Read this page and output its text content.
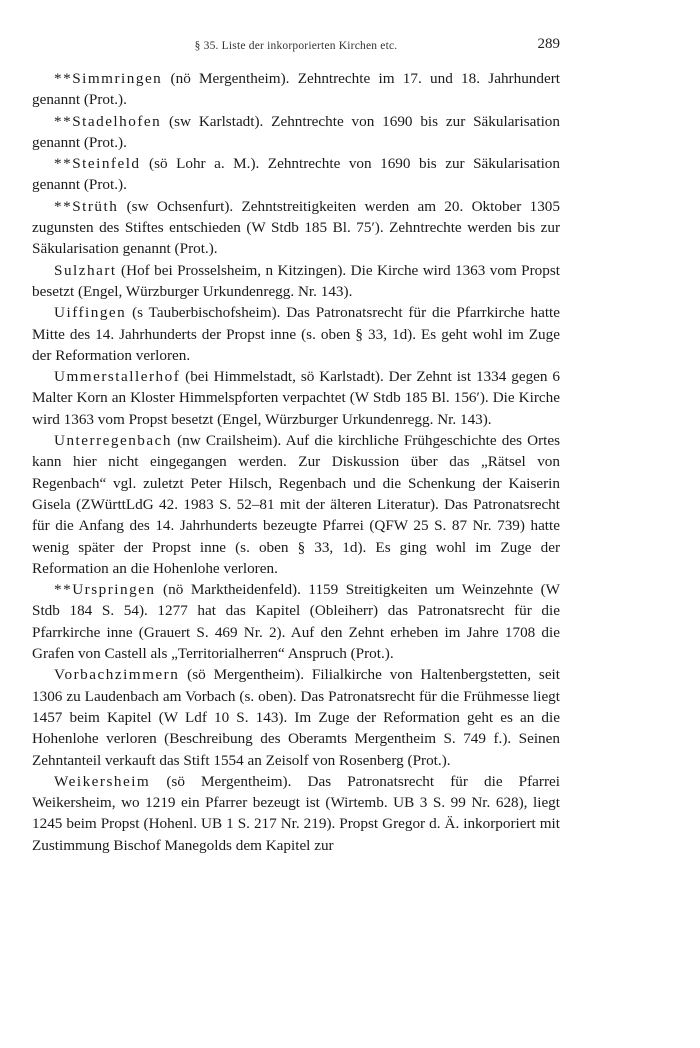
§ 35. Liste der inkorporierten Kirchen etc.	289

**Simmringen (nö Mergentheim). Zehntrechte im 17. und 18. Jahrhundert genannt (Prot.).

**Stadelhofen (sw Karlstadt). Zehntrechte von 1690 bis zur Säkularisation genannt (Prot.).

**Steinfeld (sö Lohr a. M.). Zehntrechte von 1690 bis zur Säkularisation genannt (Prot.).

**Strüth (sw Ochsenfurt). Zehntstreitigkeiten werden am 20. Oktober 1305 zugunsten des Stiftes entschieden (W Stdb 185 Bl. 75′). Zehntrechte werden bis zur Säkularisation genannt (Prot.).

Sulzhart (Hof bei Prosselsheim, n Kitzingen). Die Kirche wird 1363 vom Propst besetzt (Engel, Würzburger Urkundenregg. Nr. 143).

Uiffingen (s Tauberbischofsheim). Das Patronatsrecht für die Pfarrkirche hatte Mitte des 14. Jahrhunderts der Propst inne (s. oben § 33, 1d). Es geht wohl im Zuge der Reformation verloren.

Ummerstallerhof (bei Himmelstadt, sö Karlstadt). Der Zehnt ist 1334 gegen 6 Malter Korn an Kloster Himmelspforten verpachtet (W Stdb 185 Bl. 156′). Die Kirche wird 1363 vom Propst besetzt (Engel, Würzburger Urkundenregg. Nr. 143).

Unterregenbach (nw Crailsheim). Auf die kirchliche Frühgeschichte des Ortes kann hier nicht eingegangen werden. Zur Diskussion über das „Rätsel von Regenbach“ vgl. zuletzt Peter Hilsch, Regenbach und die Schenkung der Kaiserin Gisela (ZWürttLdG 42. 1983 S. 52–81 mit der älteren Literatur). Das Patronatsrecht für die Anfang des 14. Jahrhunderts bezeugte Pfarrei (QFW 25 S. 87 Nr. 739) hatte wenig später der Propst inne (s. oben § 33, 1d). Es ging wohl im Zuge der Reformation an die Hohenlohe verloren.

**Urspringen (nö Marktheidenfeld). 1159 Streitigkeiten um Weinzehnte (W Stdb 184 S. 54). 1277 hat das Kapitel (Obleiherr) das Patronatsrecht für die Pfarrkirche inne (Grauert S. 469 Nr. 2). Auf den Zehnt erheben im Jahre 1708 die Grafen von Castell als „Territorialherren“ Anspruch (Prot.).

Vorbachzimmern (sö Mergentheim). Filialkirche von Haltenbergstetten, seit 1306 zu Laudenbach am Vorbach (s. oben). Das Patronatsrecht für die Frühmesse liegt 1457 beim Kapitel (W Ldf 10 S. 143). Im Zuge der Reformation geht es an die Hohenlohe verloren (Beschreibung des Oberamts Mergentheim S. 749 f.). Seinen Zehntanteil verkauft das Stift 1554 an Zeisolf von Rosenberg (Prot.).

Weikersheim (sö Mergentheim). Das Patronatsrecht für die Pfarrei Weikersheim, wo 1219 ein Pfarrer bezeugt ist (Wirtemb. UB 3 S. 99 Nr. 628), liegt 1245 beim Propst (Hohenl. UB 1 S. 217 Nr. 219). Propst Gregor d. Ä. inkorporiert mit Zustimmung Bischof Manegolds dem Kapitel zur
